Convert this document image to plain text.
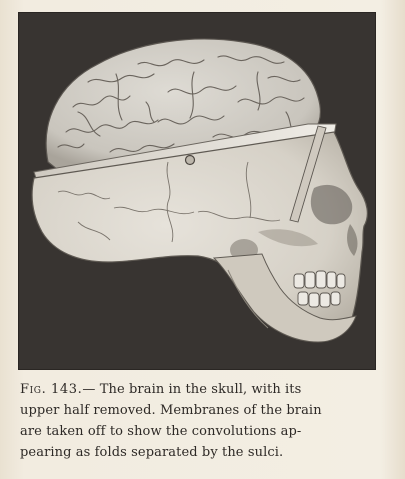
Fig. 143.— The brain in the skull, with its
upper half removed. Membranes of the brain
are taken off to show the convolutions ap-
pearing as folds separated by the sulci.
